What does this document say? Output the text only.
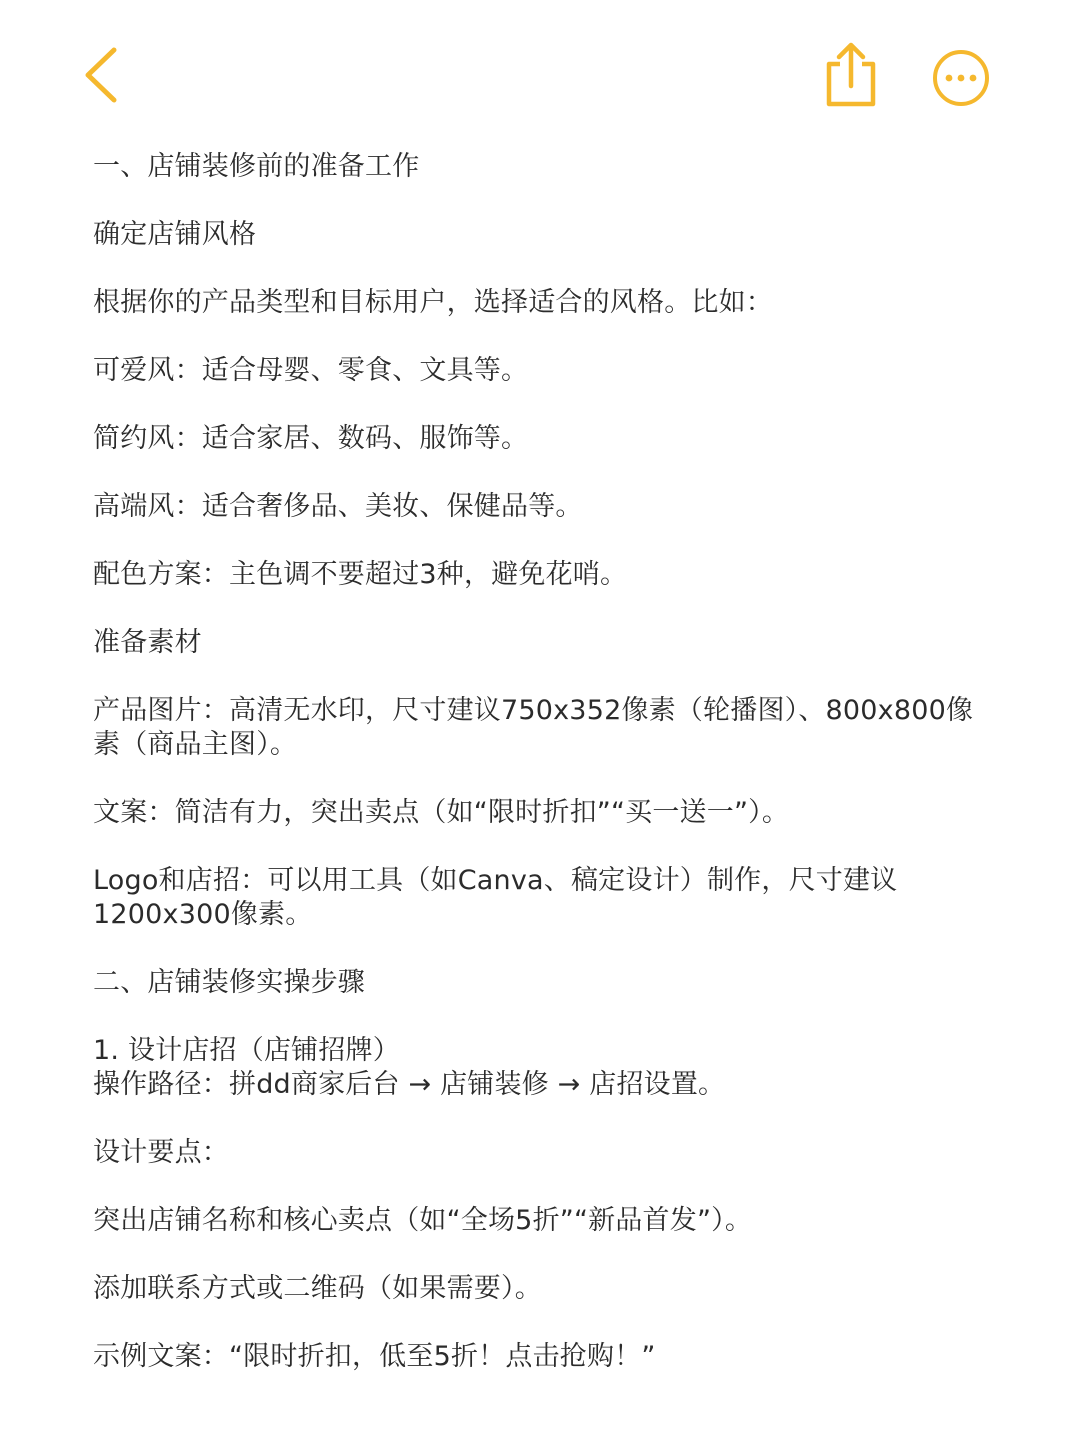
一、店铺装修前的准备工作

确定店铺风格

根据你的产品类型和目标用户，选择适合的风格。比如：

可爱风：适合母婴、零食、文具等。

简约风：适合家居、数码、服饰等。

高端风：适合奢侈品、美妆、保健品等。

配色方案：主色调不要超过3种，避免花哨。

准备素材

产品图片：高清无水印，尺寸建议750x352像素（轮播图）、800x800像素（商品主图）。

文案：简洁有力，突出卖点（如“限时折扣”“买一送一”）。

Logo和店招：可以用工具（如Canva、稿定设计）制作，尺寸建议1200x300像素。

二、店铺装修实操步骤

1. 设计店招（店铺招牌）

操作路径：拼dd商家后台 → 店铺装修 → 店招设置。

设计要点：

突出店铺名称和核心卖点（如“全场5折”“新品首发”）。

添加联系方式或二维码（如果需要）。

示例文案：“限时折扣，低至5折！点击抢购！”
